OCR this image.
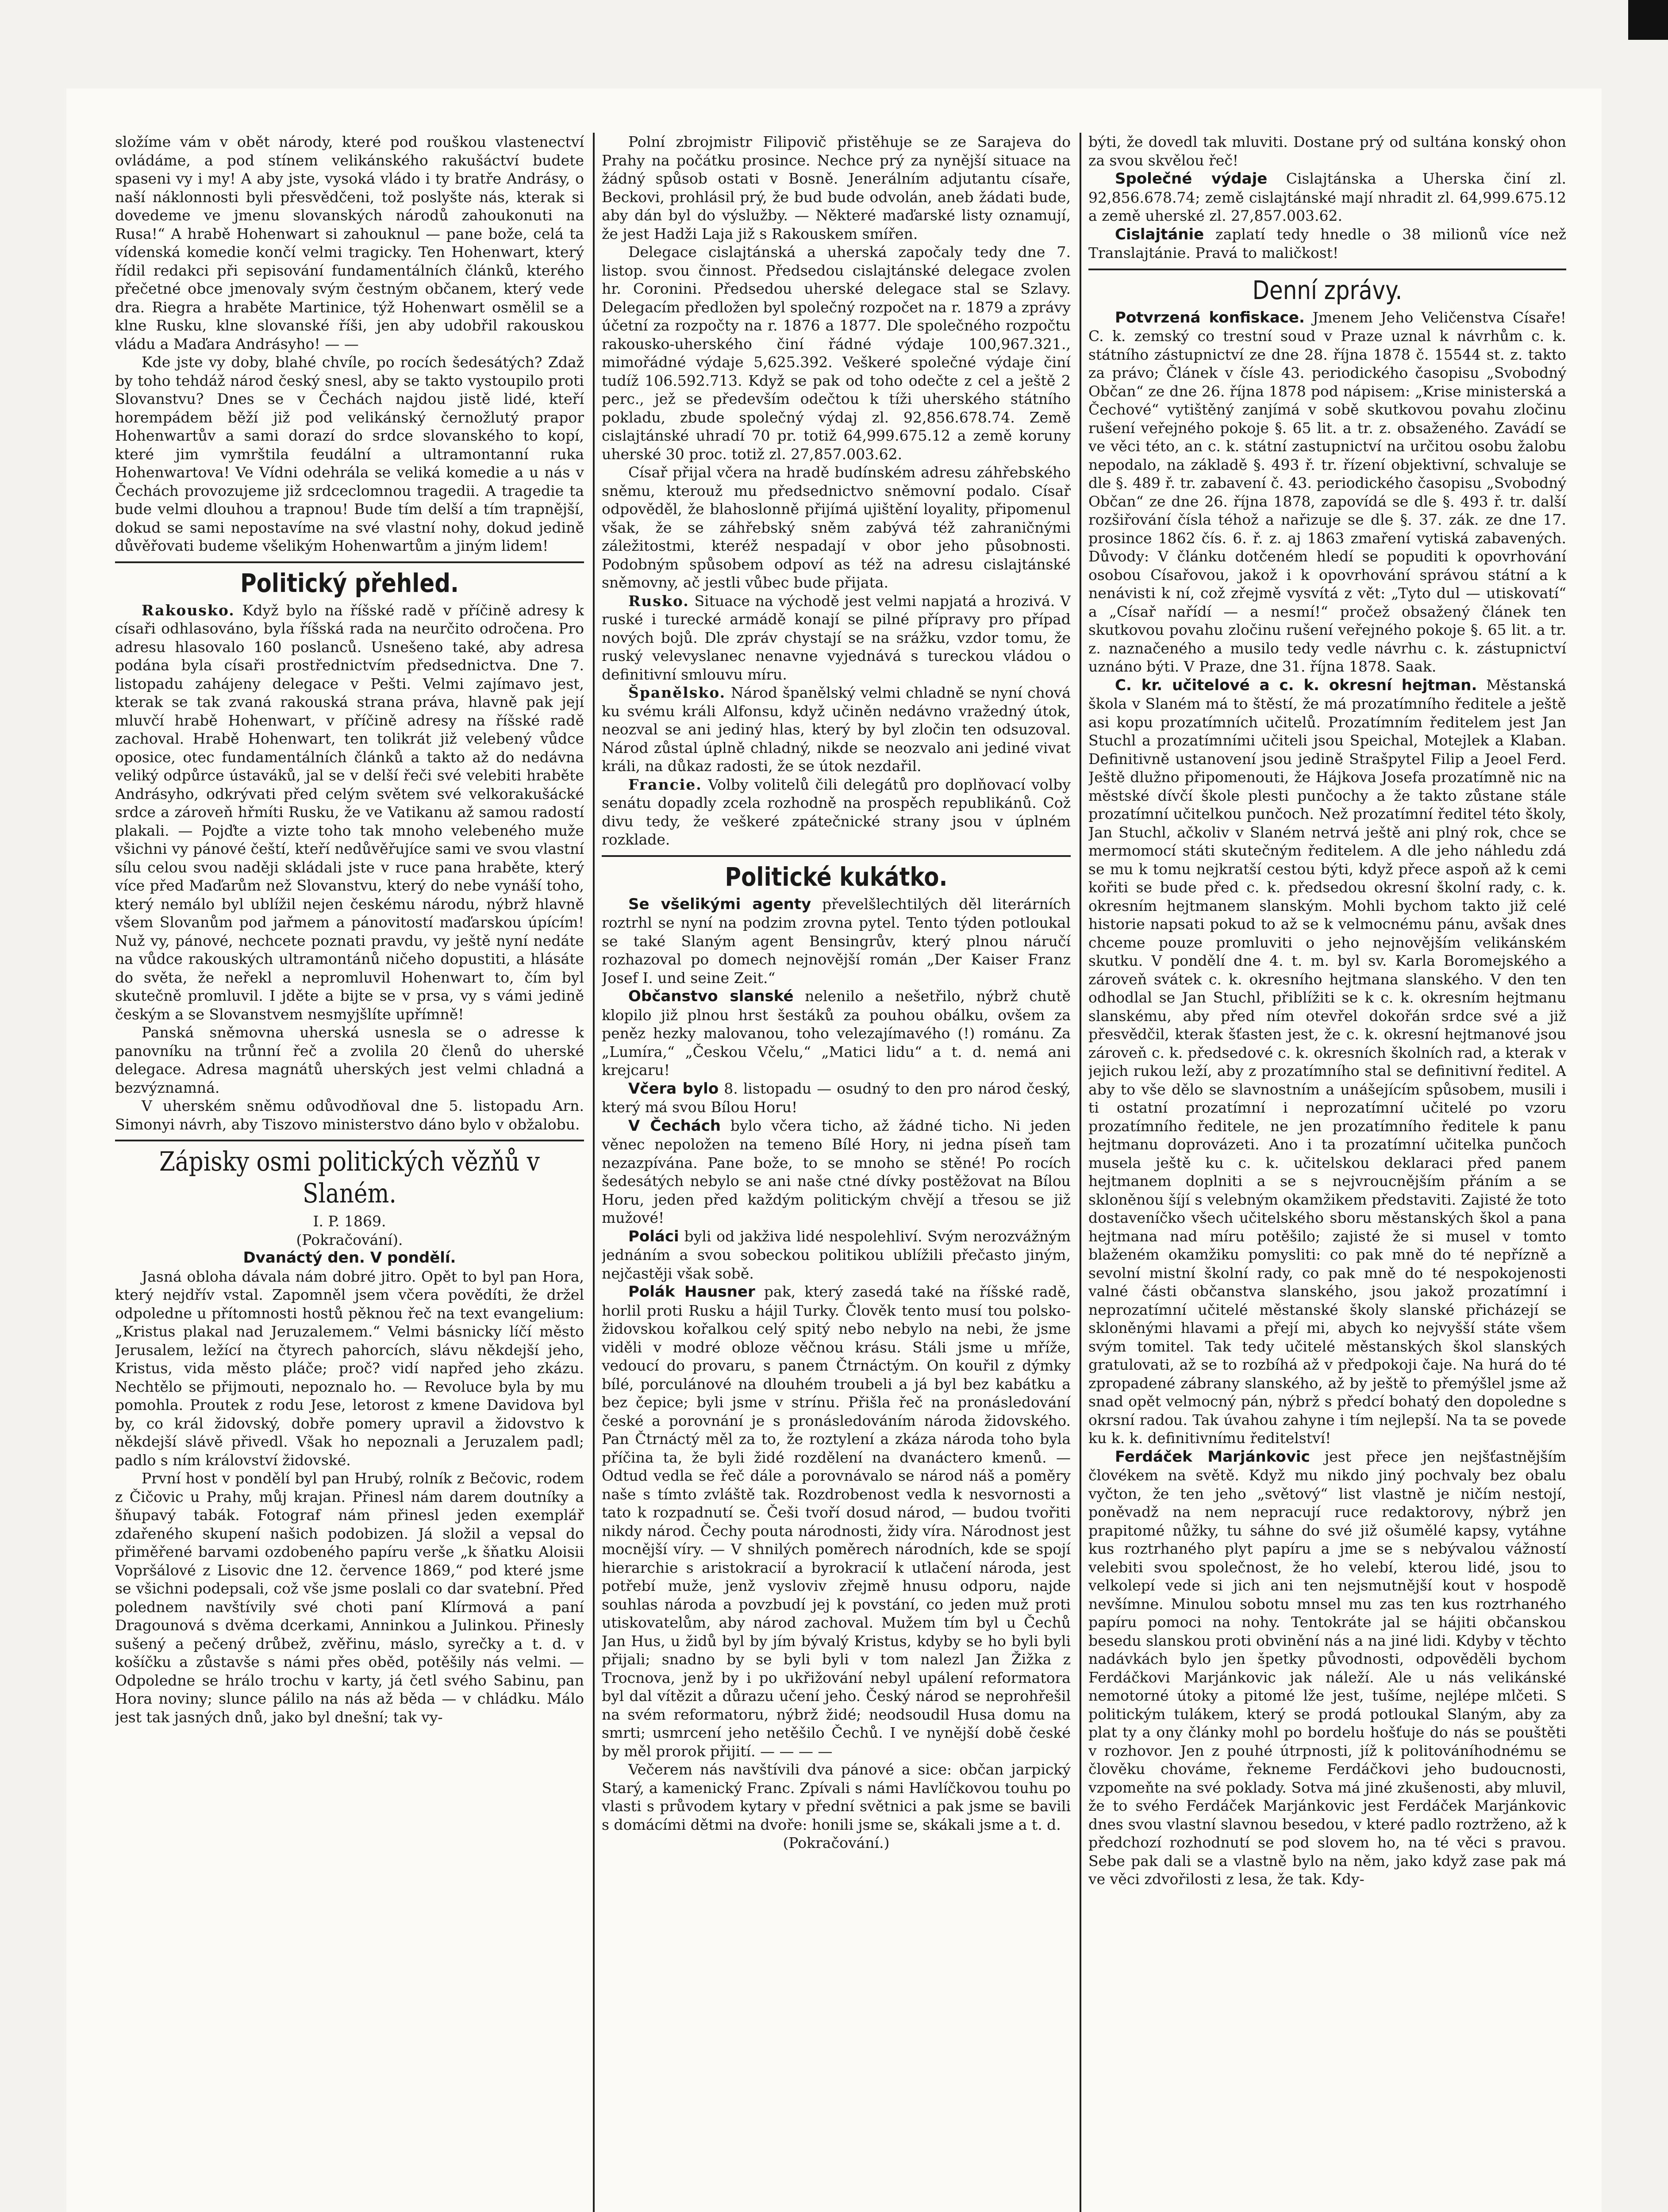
složíme vám v obět národy, které pod rouškou vlastenectví ovládáme, a pod stínem velikánského rakušáctví budete spaseni vy i my! A aby jste, vysoká vládo i ty bratře Andrásy, o naší náklonnosti byli přesvědčeni, tož poslyšte nás, kterak si dovedeme ve jmenu slovanských národů zahoukonuti na Rusa!“ A hrabě Hohenwart si zahouknul — pane bože, celá ta vídenská komedie končí velmi tragicky. Ten Hohenwart, který řídil redakci při sepisování fundamentálních článků, kterého přečetné obce jmenovaly svým čestným občanem, který vede dra. Riegra a hraběte Martinice, týž Hohenwart osmělil se a klne Rusku, klne slovanské říši, jen aby udobřil rakouskou vládu a Maďara Andrásyho! — —

Kde jste vy doby, blahé chvíle, po rocích šedesátých? Zdaž by toho tehdáž národ český snesl, aby se takto vystoupilo proti Slovanstvu? Dnes se v Čechách najdou jistě lidé, kteří horempádem běží již pod velikánský černožlutý prapor Hohenwartův a sami dorazí do srdce slovanského to kopí, které jim vymrštila feudální a ultramontanní ruka Hohenwartova! Ve Vídni odehrála se veliká komedie a u nás v Čechách provozujeme již srdceclomnou tragedii. A tragedie ta bude velmi dlouhou a trapnou! Bude tím delší a tím trapnější, dokud se sami nepostavíme na své vlastní nohy, dokud jedině důvěřovati budeme všelikým Hohenwartům a jiným lidem!

Politický přehled.

Rakousko. Když bylo na říšské radě v příčině adresy k císaři odhlasováno, byla říšská rada na neurčito odročena. Pro adresu hlasovalo 160 poslanců. Usnešeno také, aby adresa podána byla císaři prostřednictvím předsednictva. Dne 7. listopadu zahájeny delegace v Pešti. Velmi zajímavo jest, kterak se tak zvaná rakouská strana práva, hlavně pak její mluvčí hrabě Hohenwart, v příčině adresy na říšské radě zachoval. Hrabě Hohenwart, ten tolikrát již velebený vůdce oposice, otec fundamentálních článků a takto až do nedávna veliký odpůrce ústaváků, jal se v delší řeči své velebiti hraběte Andrásyho, odkrývati před celým světem své velkorakušácké srdce a zároveň hřmíti Rusku, že ve Vatikanu až samou radostí plakali. — Pojďte a vizte toho tak mnoho velebeného muže všichni vy pánové čeští, kteří nedůvěřujíce sami ve svou vlastní sílu celou svou naději skládali jste v ruce pana hraběte, který více před Maďarům než Slovanstvu, který do nebe vynáší toho, který nemálo byl ublížil nejen českému národu, nýbrž hlavně všem Slovanům pod jařmem a pánovitostí maďarskou úpícím! Nuž vy, pánové, nechcete poznati pravdu, vy ještě nyní nedáte na vůdce rakouských ultramontánů ničeho dopustiti, a hlásáte do světa, že neřekl a nepromluvil Hohenwart to, čím byl skutečně promluvil. I jděte a bijte se v prsa, vy s vámi jedině českým a se Slovanstvem nesmyjšlíte upřímně!

Panská sněmovna uherská usnesla se o adresse k panovníku na trůnní řeč a zvolila 20 členů do uherské delegace. Adresa magnátů uherských jest velmi chladná a bezvýznamná.

V uherském sněmu odůvodňoval dne 5. listopadu Arn. Simonyi návrh, aby Tiszovo ministerstvo dáno bylo v obžalobu.

Zápisky osmi politických vězňů v Slaném.

I. P. 1869.

(Pokračování).

Dvanáctý den. V pondělí.

Jasná obloha dávala nám dobré jitro. Opět to byl pan Hora, který nejdřív vstal. Zapomněl jsem včera povědíti, že držel odpoledne u přítomnosti hostů pěknou řeč na text evangelium: „Kristus plakal nad Jeruzalemem.“ Velmi básnicky líčí město Jerusalem, ležící na čtyrech pahorcích, slávu někdejší jeho, Kristus, vida město pláče; proč? vidí napřed jeho zkázu. Nechtělo se přijmouti, nepoznalo ho. — Revoluce byla by mu pomohla. Proutek z rodu Jese, letorost z kmene Davidova byl by, co král židovský, dobře pomery upravil a židovstvo k někdejší slávě přivedl. Však ho nepoznali a Jeruzalem padl; padlo s ním království židovské.

První host v pondělí byl pan Hrubý, rolník z Bečovic, rodem z Čičovic u Prahy, můj krajan. Přinesl nám darem doutníky a šňupavý tabák. Fotograf nám přinesl jeden exemplář zdařeného skupení našich podobizen. Já složil a vepsal do přiměřené barvami ozdobeného papíru verše „k šňatku Aloisii Vopršálové z Lisovic dne 12. července 1869,“ pod které jsme se všichni podepsali, což vše jsme poslali co dar svatební. Před polednem navštívily své choti paní Klírmová a paní Dragounová s dvěma dcerkami, Anninkou a Julinkou. Přinesly sušený a pečený drůbež, zvěřinu, máslo, syrečky a t. d. v košíčku a zůstavše s námi přes oběd, potěšily nás velmi. — Odpoledne se hrálo trochu v karty, já četl svého Sabinu, pan Hora noviny; slunce pálilo na nás až běda — v chládku. Málo jest tak jasných dnů, jako byl dnešní; tak vy-

Polní zbrojmistr Filipovič přistěhuje se ze Sarajeva do Prahy na počátku prosince. Nechce prý za nynější situace na žádný spůsob ostati v Bosně. Jenerálním adjutantu císaře, Beckovi, prohlásil prý, že bud bude odvolán, aneb žádati bude, aby dán byl do výslužby. — Některé maďarské listy oznamují, že jest Hadži Laja již s Rakouskem smířen.

Delegace cislajtánská a uherská započaly tedy dne 7. listop. svou činnost. Předsedou cislajtánské delegace zvolen hr. Coronini. Předsedou uherské delegace stal se Szlavy. Delegacím předložen byl společný rozpočet na r. 1879 a zprávy účetní za rozpočty na r. 1876 a 1877. Dle společného rozpočtu rakousko-uherského činí řádné výdaje 100,967.321., mimořádné výdaje 5,625.392. Veškeré společné výdaje činí tudíž 106.592.713. Když se pak od toho odečte z cel a ještě 2 perc., jež se především odečtou k tíži uherského státního pokladu, zbude společný výdaj zl. 92,856.678.74. Země cislajtánské uhradí 70 pr. totiž 64,999.675.12 a země koruny uherské 30 proc. totiž zl. 27,857.003.62.

Císař přijal včera na hradě budínském adresu záhřebského sněmu, kterouž mu předsednictvo sněmovní podalo. Císař odpověděl, že blahoslonně přijímá ujištění loyality, připomenul však, že se záhřebský sněm zabývá též zahraničnými záležitostmi, kteréž nespadají v obor jeho působnosti. Podobným spůsobem odpoví as též na adresu cislajtánské sněmovny, ač jestli vůbec bude přijata.

Rusko. Situace na východě jest velmi napjatá a hrozivá. V ruské i turecké armádě konají se pilné přípravy pro případ nových bojů. Dle zpráv chystají se na srážku, vzdor tomu, že ruský velevyslanec nenavne vyjednává s tureckou vládou o definitivní smlouvu míru.

Španělsko. Národ španělský velmi chladně se nyní chová ku svému králi Alfonsu, když učiněn nedávno vražedný útok, neozval se ani jediný hlas, který by byl zločin ten odsuzoval. Národ zůstal úplně chladný, nikde se neozvalo ani jediné vivat králi, na důkaz radosti, že se útok nezdařil.

Francie. Volby volitelů čili delegátů pro doplňovací volby senátu dopadly zcela rozhodně na prospěch republikánů. Což divu tedy, že veškeré zpátečnické strany jsou v úplném rozklade.

Politické kukátko.

Se všelikými agenty převelšlechtilých děl literárních roztrhl se nyní na podzim zrovna pytel. Tento týden potloukal se také Slaným agent Bensingrův, který plnou náručí rozhazoval po domech nejnovější román „Der Kaiser Franz Josef I. und seine Zeit.“

Občanstvo slanské nelenilo a nešetřilo, nýbrž chutě klopilo již plnou hrst šestáků za pouhou obálku, ovšem za peněz hezky malovanou, toho velezajímavého (!) románu. Za „Lumíra,“ „Českou Včelu,“ „Matici lidu“ a t. d. nemá ani krejcaru!

Včera bylo 8. listopadu — osudný to den pro národ český, který má svou Bílou Horu!

V Čechách bylo včera ticho, až žádné ticho. Ni jeden věnec nepoložen na temeno Bílé Hory, ni jedna píseň tam nezazpívána. Pane bože, to se mnoho se stěné! Po rocích šedesátých nebylo se ani naše ctné dívky postěžovat na Bílou Horu, jeden před každým politickým chvějí a třesou se již mužové!

Poláci byli od jakživa lidé nespolehliví. Svým nerozvážným jednáním a svou sobeckou politikou ublížili přečasto jiným, nejčastěji však sobě.

Polák Hausner pak, který zasedá také na říšské radě, horlil proti Rusku a hájil Turky. Člověk tento musí tou polsko-židovskou kořalkou celý spitý nebo nebylo na nebi, že jsme viděli v modré obloze věčnou krásu. Stáli jsme u mříže, vedoucí do provaru, s panem Čtrnáctým. On kouřil z dýmky bílé, porculánové na dlouhém troubeli a já byl bez kabátku a bez čepice; byli jsme v strínu. Přišla řeč na pronásledování české a porovnání je s pronásledováním národa židovského. Pan Čtrnáctý měl za to, že roztylení a zkáza národa toho byla příčina ta, že byli židé rozdělení na dvanáctero kmenů. — Odtud vedla se řeč dále a porovnávalo se národ náš a poměry naše s tímto zvláště tak. Rozdrobenost vedla k nesvornosti a tato k rozpadnutí se. Češi tvoří dosud národ, — budou tvořiti nikdy národ. Čechy pouta národnosti, židy víra. Národnost jest mocnější víry. — V shnilých poměrech národních, kde se spojí hierarchie s aristokracií a byrokracií k utlačení národa, jest potřebí muže, jenž vysloviv zřejmě hnusu odporu, najde souhlas národa a povzbudí jej k povstání, co jeden muž proti utiskovatelům, aby národ zachoval. Mužem tím byl u Čechů Jan Hus, u židů byl by jím bývalý Kristus, kdyby se ho byli byli přijali; snadno by se byli byli v tom nalezl Jan Žižka z Trocnova, jenž by i po ukřižování nebyl upálení reformatora byl dal vítězit a důrazu učení jeho. Český národ se neprohřešil na svém reformatoru, nýbrž židé; neodsoudil Husa domu na smrti; usmrcení jeho netěšilo Čechů. I ve nynější době české by měl prorok přijití. — — — —

Večerem nás navštívili dva pánové a sice: občan jarpický Starý, a kamenický Franc. Zpívali s námi Havlíčkovou touhu po vlasti s průvodem kytary v přední světnici a pak jsme se bavili s domácími dětmi na dvoře: honili jsme se, skákali jsme a t. d.

(Pokračování.)

býti, že dovedl tak mluviti. Dostane prý od sultána konský ohon za svou skvělou řeč!

Společné výdaje Cislajtánska a Uherska činí zl. 92,856.678.74; země cislajtánské mají nhradit zl. 64,999.675.12 a země uherské zl. 27,857.003.62.

Cislajtánie zaplatí tedy hnedle o 38 milionů více než Translajtánie. Pravá to maličkost!

Denní zprávy.

Potvrzená konfiskace. Jmenem Jeho Veličenstva Císaře! C. k. zemský co trestní soud v Praze uznal k návrhům c. k. státního zástupnictví ze dne 28. října 1878 č. 15544 st. z. takto za právo; Článek v čísle 43. periodického časopisu „Svobodný Občan“ ze dne 26. října 1878 pod nápisem: „Krise ministerská a Čechové“ vytištěný zanjímá v sobě skutkovou povahu zločinu rušení veřejného pokoje §. 65 lit. a tr. z. obsaženého. Zavádí se ve věci této, an c. k. státní zastupnictví na určitou osobu žalobu nepodalo, na základě §. 493 ř. tr. řízení objektivní, schvaluje se dle §. 489 ř. tr. zabavení č. 43. periodického časopisu „Svobodný Občan“ ze dne 26. října 1878, zapovídá se dle §. 493 ř. tr. další rozšiřování čísla téhož a nařizuje se dle §. 37. zák. ze dne 17. prosince 1862 čís. 6. ř. z. aj 1863 zmaření vytiská zabavených. Důvody: V článku dotčeném hledí se popuditi k opovrhování osobou Císařovou, jakož i k opovrhování správou státní a k nenávisti k ní, což zřejmě vysvítá z vět: „Tyto dul — utiskovatí“ a „Císař nařídí — a nesmí!“ pročež obsažený článek ten skutkovou povahu zločinu rušení veřejného pokoje §. 65 lit. a tr. z. naznačeného a musilo tedy vedle návrhu c. k. zástupnictví uznáno býti. V Praze, dne 31. října 1878. Saak.

C. kr. učitelové a c. k. okresní hejtman. Městanská škola v Slaném má to štěstí, že má prozatímního ředitele a ještě asi kopu prozatímních učitelů. Prozatímním ředitelem jest Jan Stuchl a prozatímními učiteli jsou Speichal, Motejlek a Klaban. Definitivně ustanovení jsou jedině Strašpytel Filip a Jeoel Ferd. Ještě dlužno připomenouti, že Hájkova Josefa prozatímně nic na městské dívčí škole plesti punčochy a že takto zůstane stále prozatímní učitelkou punčoch. Než prozatímní ředitel této školy, Jan Stuchl, ačkoliv v Slaném netrvá ještě ani plný rok, chce se mermomocí státi skutečným ředitelem. A dle jeho náhledu zdá se mu k tomu nejkratší cestou býti, když přece aspoň až k cemi kořiti se bude před c. k. předsedou okresní školní rady, c. k. okresním hejtmanem slanským. Mohli bychom takto již celé historie napsati pokud to až se k velmocnému pánu, avšak dnes chceme pouze promluviti o jeho nejnovějším velikánském skutku. V pondělí dne 4. t. m. byl sv. Karla Boromejského a zároveň svátek c. k. okresního hejtmana slanského. V den ten odhodlal se Jan Stuchl, přiblížiti se k c. k. okresním hejtmanu slanskému, aby před ním otevřel dokořán srdce své a již přesvědčil, kterak šťasten jest, že c. k. okresní hejtmanové jsou zároveň c. k. předsedové c. k. okresních školních rad, a kterak v jejich rukou leží, aby z prozatímního stal se definitivní ředitel. A aby to vše dělo se slavnostním a unášejícím spůsobem, musili i ti ostatní prozatímní i neprozatímní učitelé po vzoru prozatímního ředitele, ne jen prozatímního ředitele k panu hejtmanu doprovázeti. Ano i ta prozatímní učitelka punčoch musela ještě ku c. k. učitelskou deklaraci před panem hejtmanem doplniti a se s nejvroucnějším přáním a se skloněnou šíjí s velebným okamžikem představiti. Zajisté že toto dostaveníčko všech učitelského sboru městanských škol a pana hejtmana nad míru potěšilo; zajisté že si musel v tomto blaženém okamžiku pomysliti: co pak mně do té nepřízně a sevolní mistní školní rady, co pak mně do té nespokojenosti valné části občanstva slanského, jsou jakož prozatímní i neprozatímní učitelé městanské školy slanské přicházejí se skloněnými hlavami a přejí mi, abych ko nejvyšší státe všem svým tomitel. Tak tedy učitelé městanských škol slanských gratulovati, až se to rozbíhá až v předpokoji čaje. Na hurá do té zpropadené zábrany slanského, až by ještě to přemýšlel jsme až snad opět velmocný pán, nýbrž s předcí bohatý den dopoledne s okrsní radou. Tak úvahou zahyne i tím nejlepší. Na ta se povede ku k. k. definitivnímu ředitelství!

Ferdáček Marjánkovic jest přece jen nejšťastnějším človékem na světě. Když mu nikdo jiný pochvaly bez obalu vyčton, že ten jeho „světový“ list vlastně je ničím nestojí, poněvadž na nem nepracují ruce redaktorovy, nýbrž jen prapitomé nůžky, tu sáhne do své již ošumělé kapsy, vytáhne kus roztrhaného plyt papíru a jme se s nebývalou vážností velebiti svou společnost, že ho velebí, kterou lidé, jsou to velkolepí vede si jich ani ten nejsmutnější kout v hospodě nevšímne. Minulou sobotu mnsel mu zas ten kus roztrhaného papíru pomoci na nohy. Tentokráte jal se hájiti občanskou besedu slanskou proti obvinění nás a na jiné lidi. Kdyby v těchto nadávkách bylo jen špetky původnosti, odpověděli bychom Ferdáčkovi Marjánkovic jak náleží. Ale u nás velikánské nemotorné útoky a pitomé lže jest, tušíme, nejlépe mlčeti. S politickým tulákem, který se prodá potloukal Slaným, aby za plat ty a ony články mohl po bordelu hošťuje do nás se pouštěti v rozhovor. Jen z pouhé útrpnosti, jíž k politováníhodnému se člověku chováme, řekneme Ferdáčkovi jeho budoucnosti, vzpomeňte na své poklady. Sotva má jiné zkušenosti, aby mluvil, že to svého Ferdáček Marjánkovic jest Ferdáček Marjánkovic dnes svou vlastní slavnou besedou, v které padlo roztrženo, až k předchozí rozhodnutí se pod slovem ho, na té věci s pravou. Sebe pak dali se a vlastně bylo na něm, jako když zase pak má ve věci zdvořilosti z lesa, že tak. Kdy-
